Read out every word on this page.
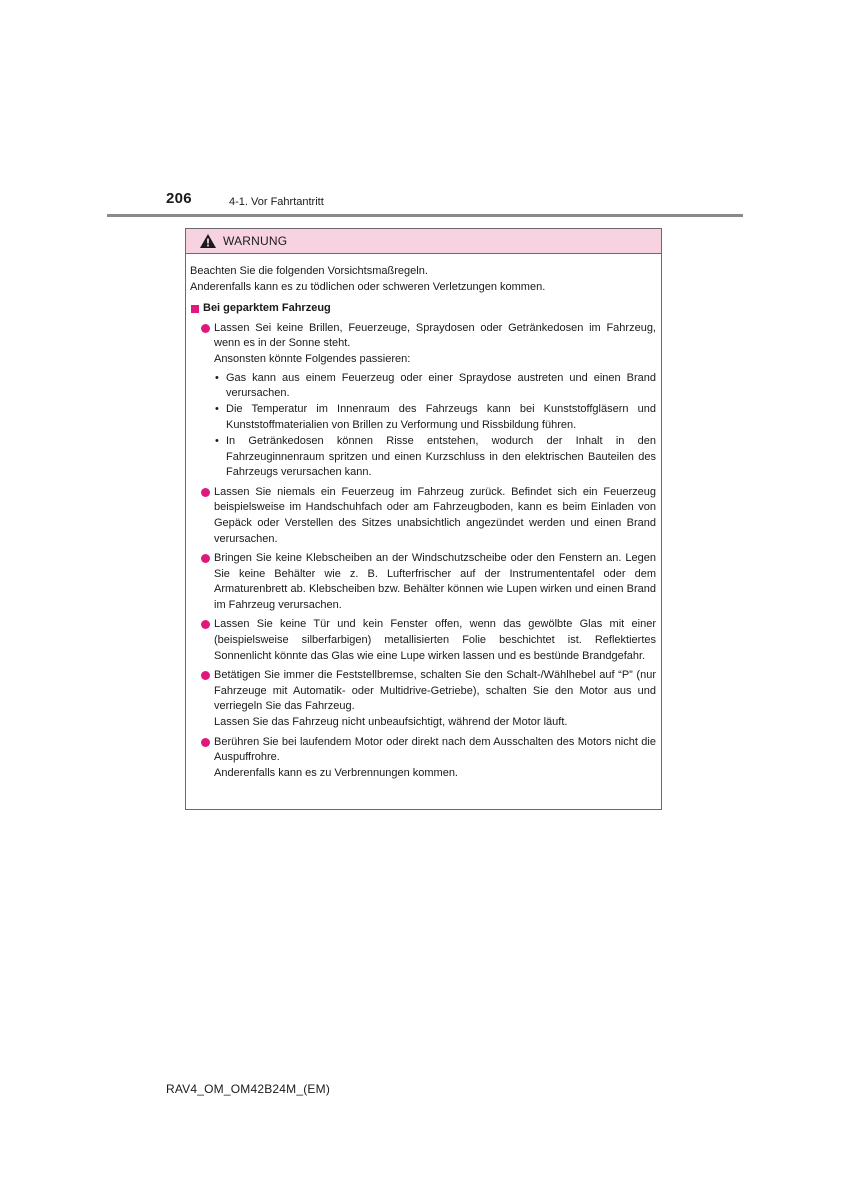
206	4-1. Vor Fahrtantritt
WARNUNG

Beachten Sie die folgenden Vorsichtsmaßregeln.

Anderenfalls kann es zu tödlichen oder schweren Verletzungen kommen.

Bei geparktem Fahrzeug

Lassen Sei keine Brillen, Feuerzeuge, Spraydosen oder Getränkedosen im Fahrzeug, wenn es in der Sonne steht.

Ansonsten könnte Folgendes passieren:

• Gas kann aus einem Feuerzeug oder einer Spraydose austreten und einen Brand verursachen.
• Die Temperatur im Innenraum des Fahrzeugs kann bei Kunststoffgläsern und Kunststoffmaterialien von Brillen zu Verformung und Rissbildung führen.
• In Getränkedosen können Risse entstehen, wodurch der Inhalt in den Fahrzeuginnenraum spritzen und einen Kurzschluss in den elektrischen Bauteilen des Fahrzeugs verursachen kann.

Lassen Sie niemals ein Feuerzeug im Fahrzeug zurück. Befindet sich ein Feuerzeug beispielsweise im Handschuhfach oder am Fahrzeugboden, kann es beim Einladen von Gepäck oder Verstellen des Sitzes unabsichtlich angezündet werden und einen Brand verursachen.

Bringen Sie keine Klebscheiben an der Windschutzscheibe oder den Fenstern an. Legen Sie keine Behälter wie z. B. Lufterfrischer auf der Instrumententafel oder dem Armaturenbrett ab. Klebscheiben bzw. Behälter können wie Lupen wirken und einen Brand im Fahrzeug verursachen.

Lassen Sie keine Tür und kein Fenster offen, wenn das gewölbte Glas mit einer (beispielsweise silberfarbigen) metallisierten Folie beschichtet ist. Reflektiertes Sonnenlicht könnte das Glas wie eine Lupe wirken lassen und es bestünde Brandgefahr.

Betätigen Sie immer die Feststellbremse, schalten Sie den Schalt-/Wählhebel auf “P” (nur Fahrzeuge mit Automatik- oder Multidrive-Getriebe), schalten Sie den Motor aus und verriegeln Sie das Fahrzeug.

Lassen Sie das Fahrzeug nicht unbeaufsichtigt, während der Motor läuft.

Berühren Sie bei laufendem Motor oder direkt nach dem Ausschalten des Motors nicht die Auspuffrohre.

Anderenfalls kann es zu Verbrennungen kommen.

RAV4_OM_OM42B24M_(EM)
